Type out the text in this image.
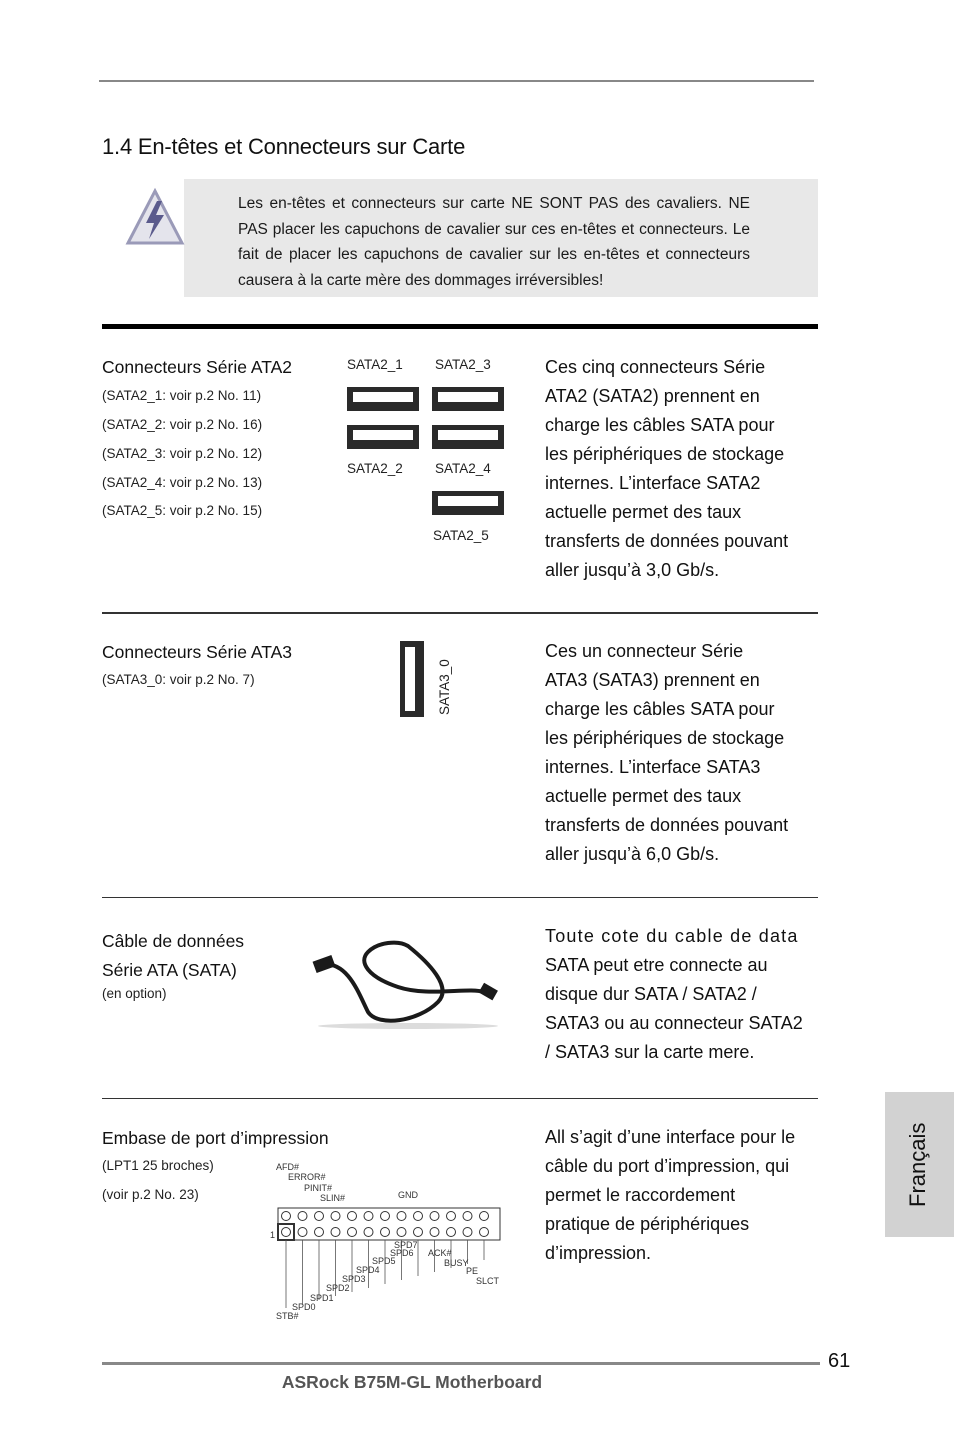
1.4 En-têtes et Connecteurs sur Carte
Les en-têtes et connecteurs sur carte NE SONT PAS des cavaliers. NE PAS placer les capuchons de cavalier sur ces en-têtes et connecteurs. Le fait de placer les capuchons de cavalier sur les en-têtes et connecteurs causera à la carte mère des dommages irréversibles!
Connecteurs Série ATA2
(SATA2_1: voir p.2 No. 11)
(SATA2_2: voir p.2 No. 16)
(SATA2_3: voir p.2 No. 12)
(SATA2_4: voir p.2 No. 13)
(SATA2_5: voir p.2 No. 15)
SATA2_1 SATA2_3
SATA2_2 SATA2_4
SATA2_5
Ces cinq connecteurs Série
ATA2 (SATA2) prennent en
charge les câbles SATA pour
les périphériques de stockage
internes. L’interface SATA2
actuelle permet des taux
transferts de données pouvant
aller jusqu’à 3,0 Gb/s.
Connecteurs Série ATA3
(SATA3_0: voir p.2 No. 7)	SATA3_0
Ces un connecteur Série
ATA3 (SATA3) prennent en
charge les câbles SATA pour
les périphériques de stockage
internes. L’interface SATA3
actuelle permet des taux
transferts de données pouvant
aller jusqu’à 6,0 Gb/s.
Câble de données
Série ATA (SATA)
(en option)
Toute cote du cable de data
SATA peut etre connecte au
disque dur SATA / SATA2 /
SATA3 ou au connecteur SATA2
/ SATA3 sur la carte mere.
Embase de port d’impression
(LPT1 25 broches)
(voir p.2 No. 23)
AFD#
ERROR#
PINIT#
SLIN#	GND
1
SPD7
ACK#
BUSY
PE
SLCT
SPD6
SPD5
SPD4
SPD3
SPD2
SPD1
SPD0
STB#
All s’agit d’une interface pour le
câble du port d’impression, qui
permet le raccordement
pratique de périphériques
d’impression.
Français
61
ASRock B75M-GL Motherboard
